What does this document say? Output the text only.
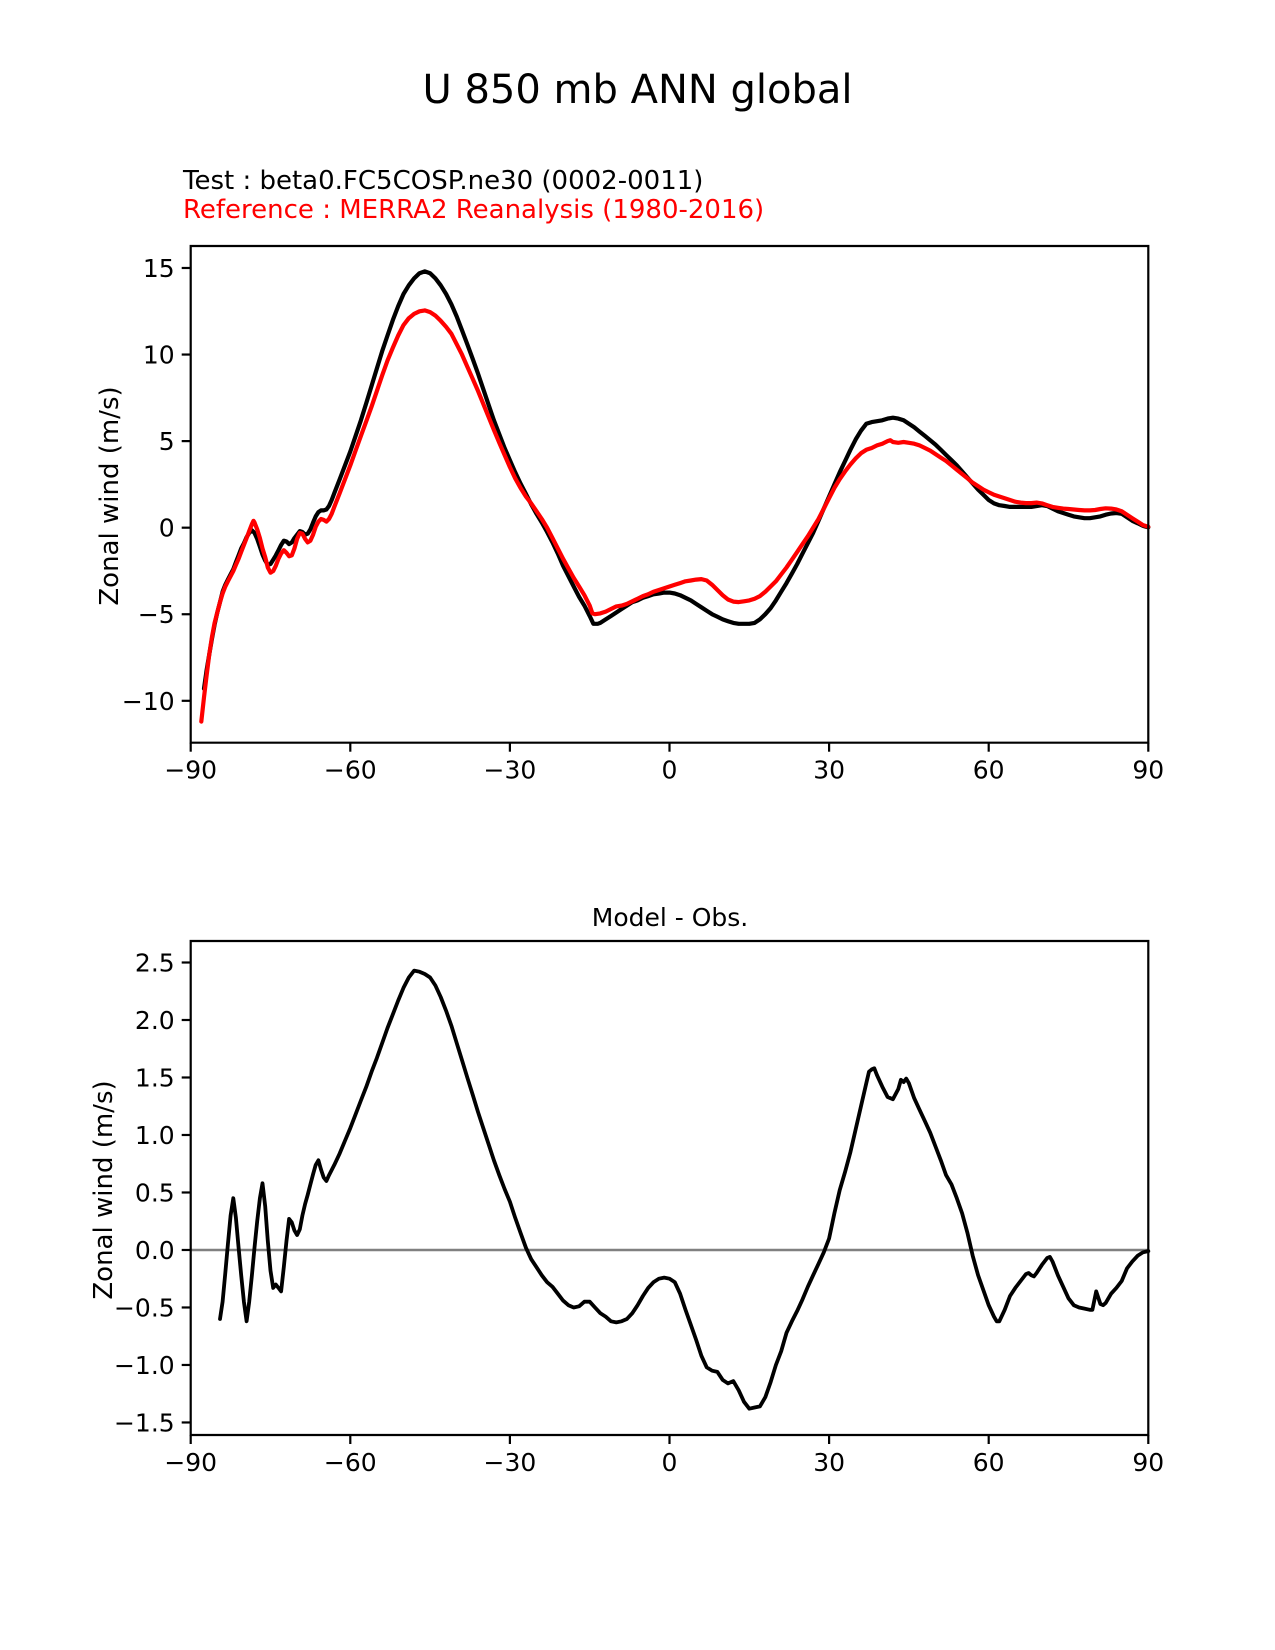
U 850 mb ANN global
Test : beta0.FC5COSP.ne30 (0002-0011)
Reference : MERRA2 Reanalysis (1980-2016)
Zonal wind (m/s)
Zonal wind (m/s)
Model - Obs.
−90	−60	−30	0	30	60	90
15
10
5
0
−5
−10
−90	−60	−30	0	30	60	90
2.5
2.0
1.5
1.0
0.5
0.0
−0.5
−1.0
−1.5
